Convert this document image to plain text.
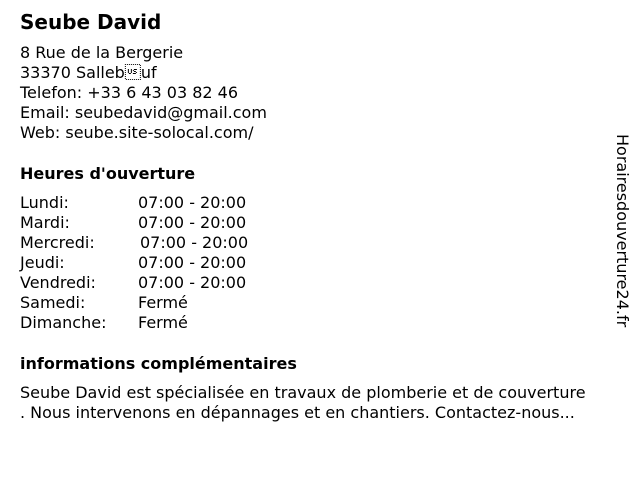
Seube David
8 Rue de la Bergerie
33370 Sallebuf
Telefon: +33 6 43 03 82 46
Email: seubedavid@gmail.com
Web: seube.site-solocal.com/
Heures d'ouverture
Lundi:	07:00 - 20:00
Mardi:	07:00 - 20:00
Mercredi:	07:00 - 20:00
Jeudi:	07:00 - 20:00
Vendredi:	07:00 - 20:00
Samedi:	Fermé
Dimanche: Fermé
informations complémentaires
Seube David est spécialisée en travaux de plomberie et de couverture
. Nous intervenons en dépannages et en chantiers. Contactez-nous...
Horairesdouverture24.fr
